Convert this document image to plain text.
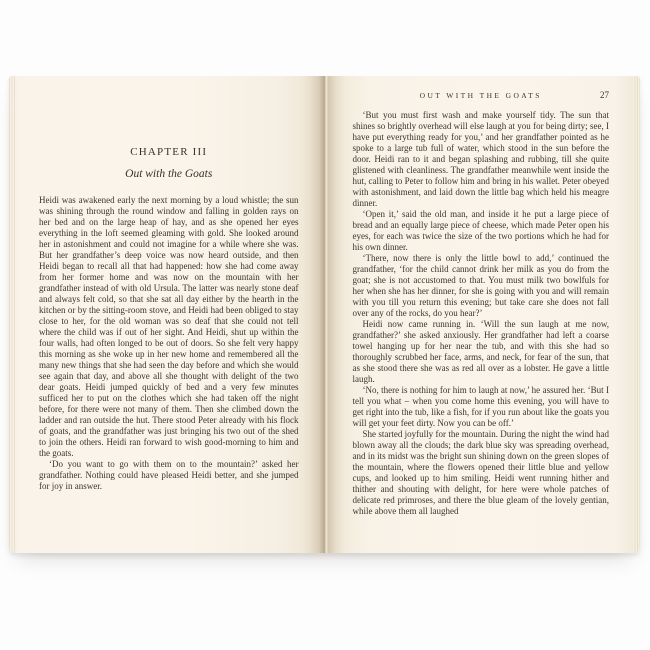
CHAPTER III
Out with the Goats

Heidi was awakened early the next morning by a loud whistle; the sun was shining through the round window and falling in golden rays on her bed and on the large heap of hay, and as she opened her eyes everything in the loft seemed gleaming with gold. She looked around her in astonishment and could not imagine for a while where she was. But her grandfather’s deep voice was now heard outside, and then Heidi began to recall all that had happened: how she had come away from her former home and was now on the mountain with her grandfather instead of with old Ursula. The latter was nearly stone deaf and always felt cold, so that she sat all day either by the hearth in the kitchen or by the sitting-room stove, and Heidi had been obliged to stay close to her, for the old woman was so deaf that she could not tell where the child was if out of her sight. And Heidi, shut up within the four walls, had often longed to be out of doors. So she felt very happy this morning as she woke up in her new home and remembered all the many new things that she had seen the day before and which she would see again that day, and above all she thought with delight of the two dear goats. Heidi jumped quickly of bed and a very few minutes sufficed her to put on the clothes which she had taken off the night before, for there were not many of them. Then she climbed down the ladder and ran outside the hut. There stood Peter already with his flock of goats, and the grandfather was just bringing his two out of the shed to join the others. Heidi ran forward to wish good-morning to him and the goats.

‘Do you want to go with them on to the mountain?’ asked her grandfather. Nothing could have pleased Heidi better, and she jumped for joy in answer.

OUT WITH THE GOATS	27

‘But you must first wash and make yourself tidy. The sun that shines so brightly overhead will else laugh at you for being dirty; see, I have put everything ready for you,’ and her grandfather pointed as he spoke to a large tub full of water, which stood in the sun before the door. Heidi ran to it and began splashing and rubbing, till she quite glistened with cleanliness. The grandfather meanwhile went inside the hut, calling to Peter to follow him and bring in his wallet. Peter obeyed with astonishment, and laid down the little bag which held his meagre dinner.

‘Open it,’ said the old man, and inside it he put a large piece of bread and an equally large piece of cheese, which made Peter open his eyes, for each was twice the size of the two portions which he had for his own dinner.

‘There, now there is only the little bowl to add,’ continued the grandfather, ‘for the child cannot drink her milk as you do from the goat; she is not accustomed to that. You must milk two bowlfuls for her when she has her dinner, for she is going with you and will remain with you till you return this evening; but take care she does not fall over any of the rocks, do you hear?’

Heidi now came running in. ‘Will the sun laugh at me now, grandfather?’ she asked anxiously. Her grandfather had left a coarse towel hanging up for her near the tub, and with this she had so thoroughly scrubbed her face, arms, and neck, for fear of the sun, that as she stood there she was as red all over as a lobster. He gave a little laugh.

‘No, there is nothing for him to laugh at now,’ he assured her. ‘But I tell you what – when you come home this evening, you will have to get right into the tub, like a fish, for if you run about like the goats you will get your feet dirty. Now you can be off.’

She started joyfully for the mountain. During the night the wind had blown away all the clouds; the dark blue sky was spreading overhead, and in its midst was the bright sun shining down on the green slopes of the mountain, where the flowers opened their little blue and yellow cups, and looked up to him smiling. Heidi went running hither and thither and shouting with delight, for here were whole patches of delicate red primroses, and there the blue gleam of the lovely gentian, while above them all laughed
